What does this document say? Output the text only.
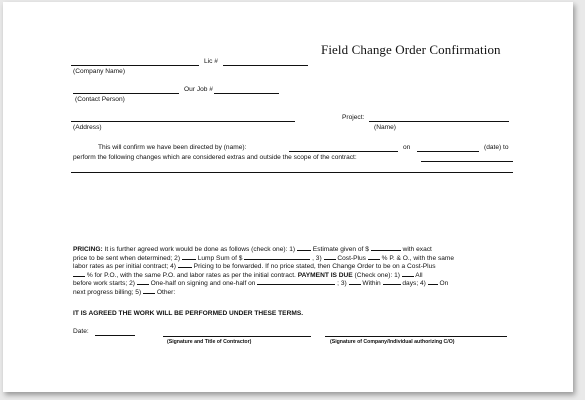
Field Change Order Confirmation
Lic #
(Company Name)
Our Job #
(Contact Person)
Project:
(Address)	(Name)
This will confirm we have been directed by (name):	on	(date) to
perform the following changes which are considered extras and outside the scope of the contract:
PRICING: It is further agreed work would be done as follows (check one): 1)	Estimate given of $	with exact
price to be sent when determined; 2)	Lump Sum of $	, 3) Cost-Plus % P. & O., with the same
labor rates as per initial contract; 4)	Pricing to be forwarded. If no price stated, then Change Order to be on a Cost-Plus
% for P.O., with the same P.O. and labor rates as per the initial contract. PAYMENT IS DUE (Check one): 1) All
before work starts; 2) One-half on signing and one-half on	; 3) Within	days; 4) On
next progress billing; 5) Other:
IT IS AGREED THE WORK WILL BE PERFORMED UNDER THESE TERMS.
Date:
(Signature and Title of Contractor)	(Signature of Company/Individual authorizing C/O)
